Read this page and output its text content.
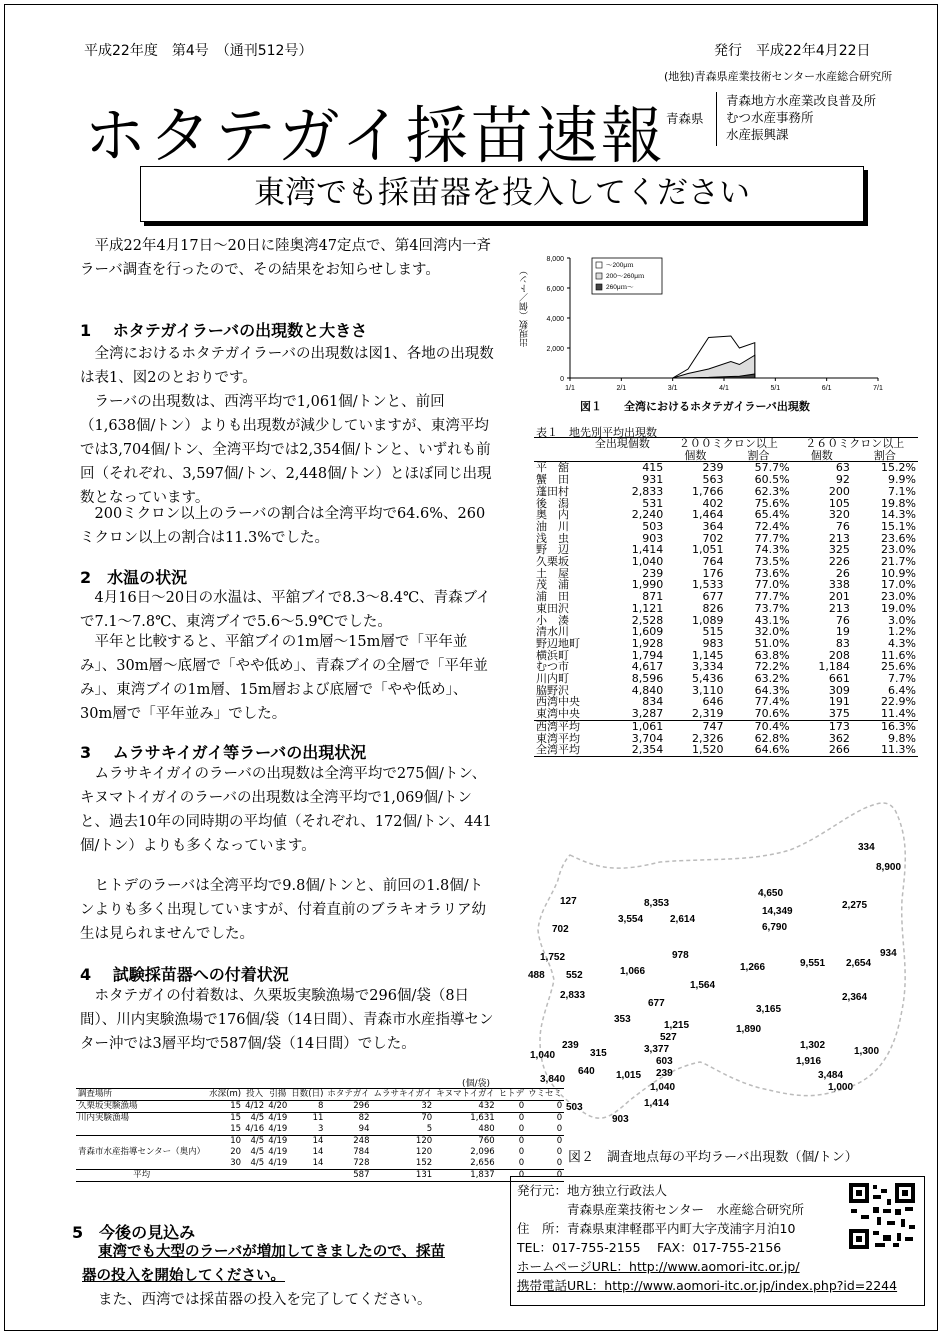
平成22年度　第4号　（通刊512号）	発行　平成22年4月22日
(地独)青森県産業技術センター水産総合研究所
ホタテガイ採苗速報 青森県
青森地方水産業改良普及所
むつ水産事務所
水産振興課
東湾でも採苗器を投入してください
平成22年4月17日～20日に陸奥湾47定点で、第4回湾内一斉ラーバ調査を行ったので、その結果をお知らせします。
1　 ホタテガイラーバの出現数と大きさ
全湾におけるホタテガイラーバの出現数は図1、各地の出現数は表1、図2のとおりです。
ラーバの出現数は、西湾平均で1,061個/トンと、前回（1,638個/トン）よりも出現数が減少していますが、東湾平均では3,704個/トン、全湾平均では2,354個/トンと、いずれも前回（それぞれ、3,597個/トン、2,448個/トン）とほぼ同じ出現数となっています。
200ミクロン以上のラーバの割合は全湾平均で64.6%、260ミクロン以上の割合は11.3%でした。
2　水温の状況
4月16日～20日の水温は、平舘ブイで8.3～8.4℃、青森ブイで7.1～7.8℃、東湾ブイで5.6～5.9℃でした。
平年と比較すると、平舘ブイの1m層～15m層で「平年並み」、30m層～底層で「やや低め」、青森ブイの全層で「平年並み」、東湾ブイの1m層、15m層および底層で「やや低め」、30m層で「平年並み」でした。
3　 ムラサキイガイ等ラーバの出現状況
ムラサキイガイのラーバの出現数は全湾平均で275個/トン、キヌマトイガイのラーバの出現数は全湾平均で1,069個/トンと、過去10年の同時期の平均値（それぞれ、172個/トン、441個/トン）よりも多くなっています。
ヒトデのラーバは全湾平均で9.8個/トンと、前回の1.8個/トンよりも多く出現していますが、付着直前のブラキオラリア幼生は見られませんでした。
4　 試験採苗器への付着状況
ホタテガイの付着数は、久栗坂実験漁場で296個/袋（8日間）、川内実験漁場で176個/袋（14日間）、青森市水産指導センター沖では3層平均で587個/袋（14日間）でした。
(個/袋)
調査場所	水深(m)	投入	引揚	日数(日)	ホタテガイ	ムラサキイガイ	キヌマトイガイ	ヒトデ	ウミセミ
久栗坂実験漁場	15	4/12	4/20	8	296	32	432	0	0
川内実験漁場	15	4/5	4/19	11	82	70	1,631	0	0
	15	4/16	4/19	3	94	5	480	0	0
	10	4/5	4/19	14	248	120	760	0	0
青森市水産指導センター（奥内）	20	4/5	4/19	14	784	120	2,096	0	0
	30	4/5	4/19	14	728	152	2,656	0	0
平均					587	131	1,837	0	0
5　今後の見込み
東湾でも大型のラーバが増加してきましたので、採苗
器の投入を開始してください。
また、西湾では採苗器の投入を完了してください。
0
2,000
4,000
6,000
8,000
1/1	2/1	3/1	4/1	5/1	6/1	7/1
～200μｍ
200～260μｍ
260μｍ～
出現数（個／トン）
図１　　全湾におけるホタテガイラーバ出現数
表１　地先別平均出現数
	全出現個数	２００ミクロン以上		２６０ミクロン以上	
		個数	割合	個数	割合
平　舘	415	239	57.7%	63	15.2%
蟹　田	931	563	60.5%	92	9.9%
蓬田村	2,833	1,766	62.3%	200	7.1%
後　潟	531	402	75.6%	105	19.8%
奥　内	2,240	1,464	65.4%	320	14.3%
油　川	503	364	72.4%	76	15.1%
浅　虫	903	702	77.7%	213	23.6%
野　辺	1,414	1,051	74.3%	325	23.0%
久栗坂	1,040	764	73.5%	226	21.7%
土　屋	239	176	73.6%	26	10.9%
茂　浦	1,990	1,533	77.0%	338	17.0%
浦　田	871	677	77.7%	201	23.0%
東田沢	1,121	826	73.7%	213	19.0%
小　湊	2,528	1,089	43.1%	76	3.0%
清水川	1,609	515	32.0%	19	1.2%
野辺地町	1,928	983	51.0%	83	4.3%
横浜町	1,794	1,145	63.8%	208	11.6%
むつ市	4,617	3,334	72.2%	1,184	25.6%
川内町	8,596	5,436	63.2%	661	7.7%
脇野沢	4,840	3,110	64.3%	309	6.4%
西湾中央	834	646	77.4%	191	22.9%
東湾中央	3,287	2,319	70.6%	375	11.4%
西湾平均	1,061	747	70.4%	173	16.3%
東湾平均	3,704	2,326	62.8%	362	9.8%
全湾平均	2,354	1,520	64.6%	266	11.3%
334
8,900
2,275
127	8,353
3,554	2,614
4,650
14,349
6,790
702
1,752
488 552	1,066
978
1,266	9,551 2,654
934
2,833
1,564
677
3,165
2,364
353
1,215
527
1,890
239
315	3,377
603
1,302
1,300
1,040
1,916
640 1,015 239
3,840
1,040
3,484
1,000
1,414
503
903
図２　調査地点毎の平均ラーバ出現数（個/トン）
発行元：地方独立行政法人
　　　　青森県産業技術センター　水産総合研究所
住　所：青森県東津軽郡平内町大字茂浦字月泊10
TEL：017-755-2155　 FAX：017-755-2156
ホームページURL：http://www.aomori-itc.or.jp/
携帯電話URL：http://www.aomori-itc.or.jp/index.php?id=2244
